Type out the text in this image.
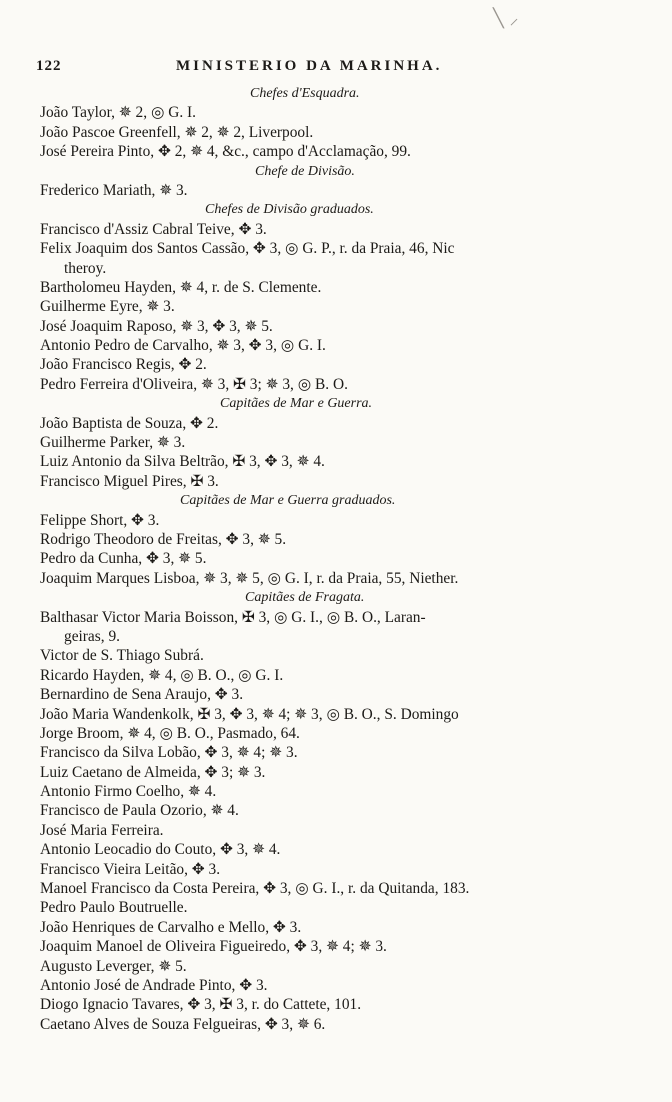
╲ ⸝
122	MINISTERIO DA MARINHA.
Chefes d'Esquadra.
João Taylor, ✵ 2, ◎ G. I.
João Pascoe Greenfell, ✵ 2, ✵ 2, Liverpool.
José Pereira Pinto, ✥ 2, ✵ 4, &c., campo d'Acclamação, 99.
Chefe de Divisão.
Frederico Mariath, ✵ 3.
Chefes de Divisão graduados.
Francisco d'Assiz Cabral Teive, ✥ 3.
Felix Joaquim dos Santos Cassão, ✥ 3, ◎ G. P., r. da Praia, 46, Nic
theroy.
Bartholomeu Hayden, ✵ 4, r. de S. Clemente.
Guilherme Eyre, ✵ 3.
José Joaquim Raposo, ✵ 3, ✥ 3, ✵ 5.
Antonio Pedro de Carvalho, ✵ 3, ✥ 3, ◎ G. I.
João Francisco Regis, ✥ 2.
Pedro Ferreira d'Oliveira, ✵ 3, ✠ 3; ✵ 3, ◎ B. O.
Capitães de Mar e Guerra.
João Baptista de Souza, ✥ 2.
Guilherme Parker, ✵ 3.
Luiz Antonio da Silva Beltrão, ✠ 3, ✥ 3, ✵ 4.
Francisco Miguel Pires, ✠ 3.
Capitães de Mar e Guerra graduados.
Felippe Short, ✥ 3.
Rodrigo Theodoro de Freitas, ✥ 3, ✵ 5.
Pedro da Cunha, ✥ 3, ✵ 5.
Joaquim Marques Lisboa, ✵ 3, ✵ 5, ◎ G. I, r. da Praia, 55, Niether.
Capitães de Fragata.
Balthasar Victor Maria Boisson, ✠ 3, ◎ G. I., ◎ B. O., Laran-
geiras, 9.
Victor de S. Thiago Subrá.
Ricardo Hayden, ✵ 4, ◎ B. O., ◎ G. I.
Bernardino de Sena Araujo, ✥ 3.
João Maria Wandenkolk, ✠ 3, ✥ 3, ✵ 4; ✵ 3, ◎ B. O., S. Domingo
Jorge Broom, ✵ 4, ◎ B. O., Pasmado, 64.
Francisco da Silva Lobão, ✥ 3, ✵ 4; ✵ 3.
Luiz Caetano de Almeida, ✥ 3; ✵ 3.
Antonio Firmo Coelho, ✵ 4.
Francisco de Paula Ozorio, ✵ 4.
José Maria Ferreira.
Antonio Leocadio do Couto, ✥ 3, ✵ 4.
Francisco Vieira Leitão, ✥ 3.
Manoel Francisco da Costa Pereira, ✥ 3, ◎ G. I., r. da Quitanda, 183.
Pedro Paulo Boutruelle.
João Henriques de Carvalho e Mello, ✥ 3.
Joaquim Manoel de Oliveira Figueiredo, ✥ 3, ✵ 4; ✵ 3.
Augusto Leverger, ✵ 5.
Antonio José de Andrade Pinto, ✥ 3.
Diogo Ignacio Tavares, ✥ 3, ✠ 3, r. do Cattete, 101.
Caetano Alves de Souza Felgueiras, ✥ 3, ✵ 6.
